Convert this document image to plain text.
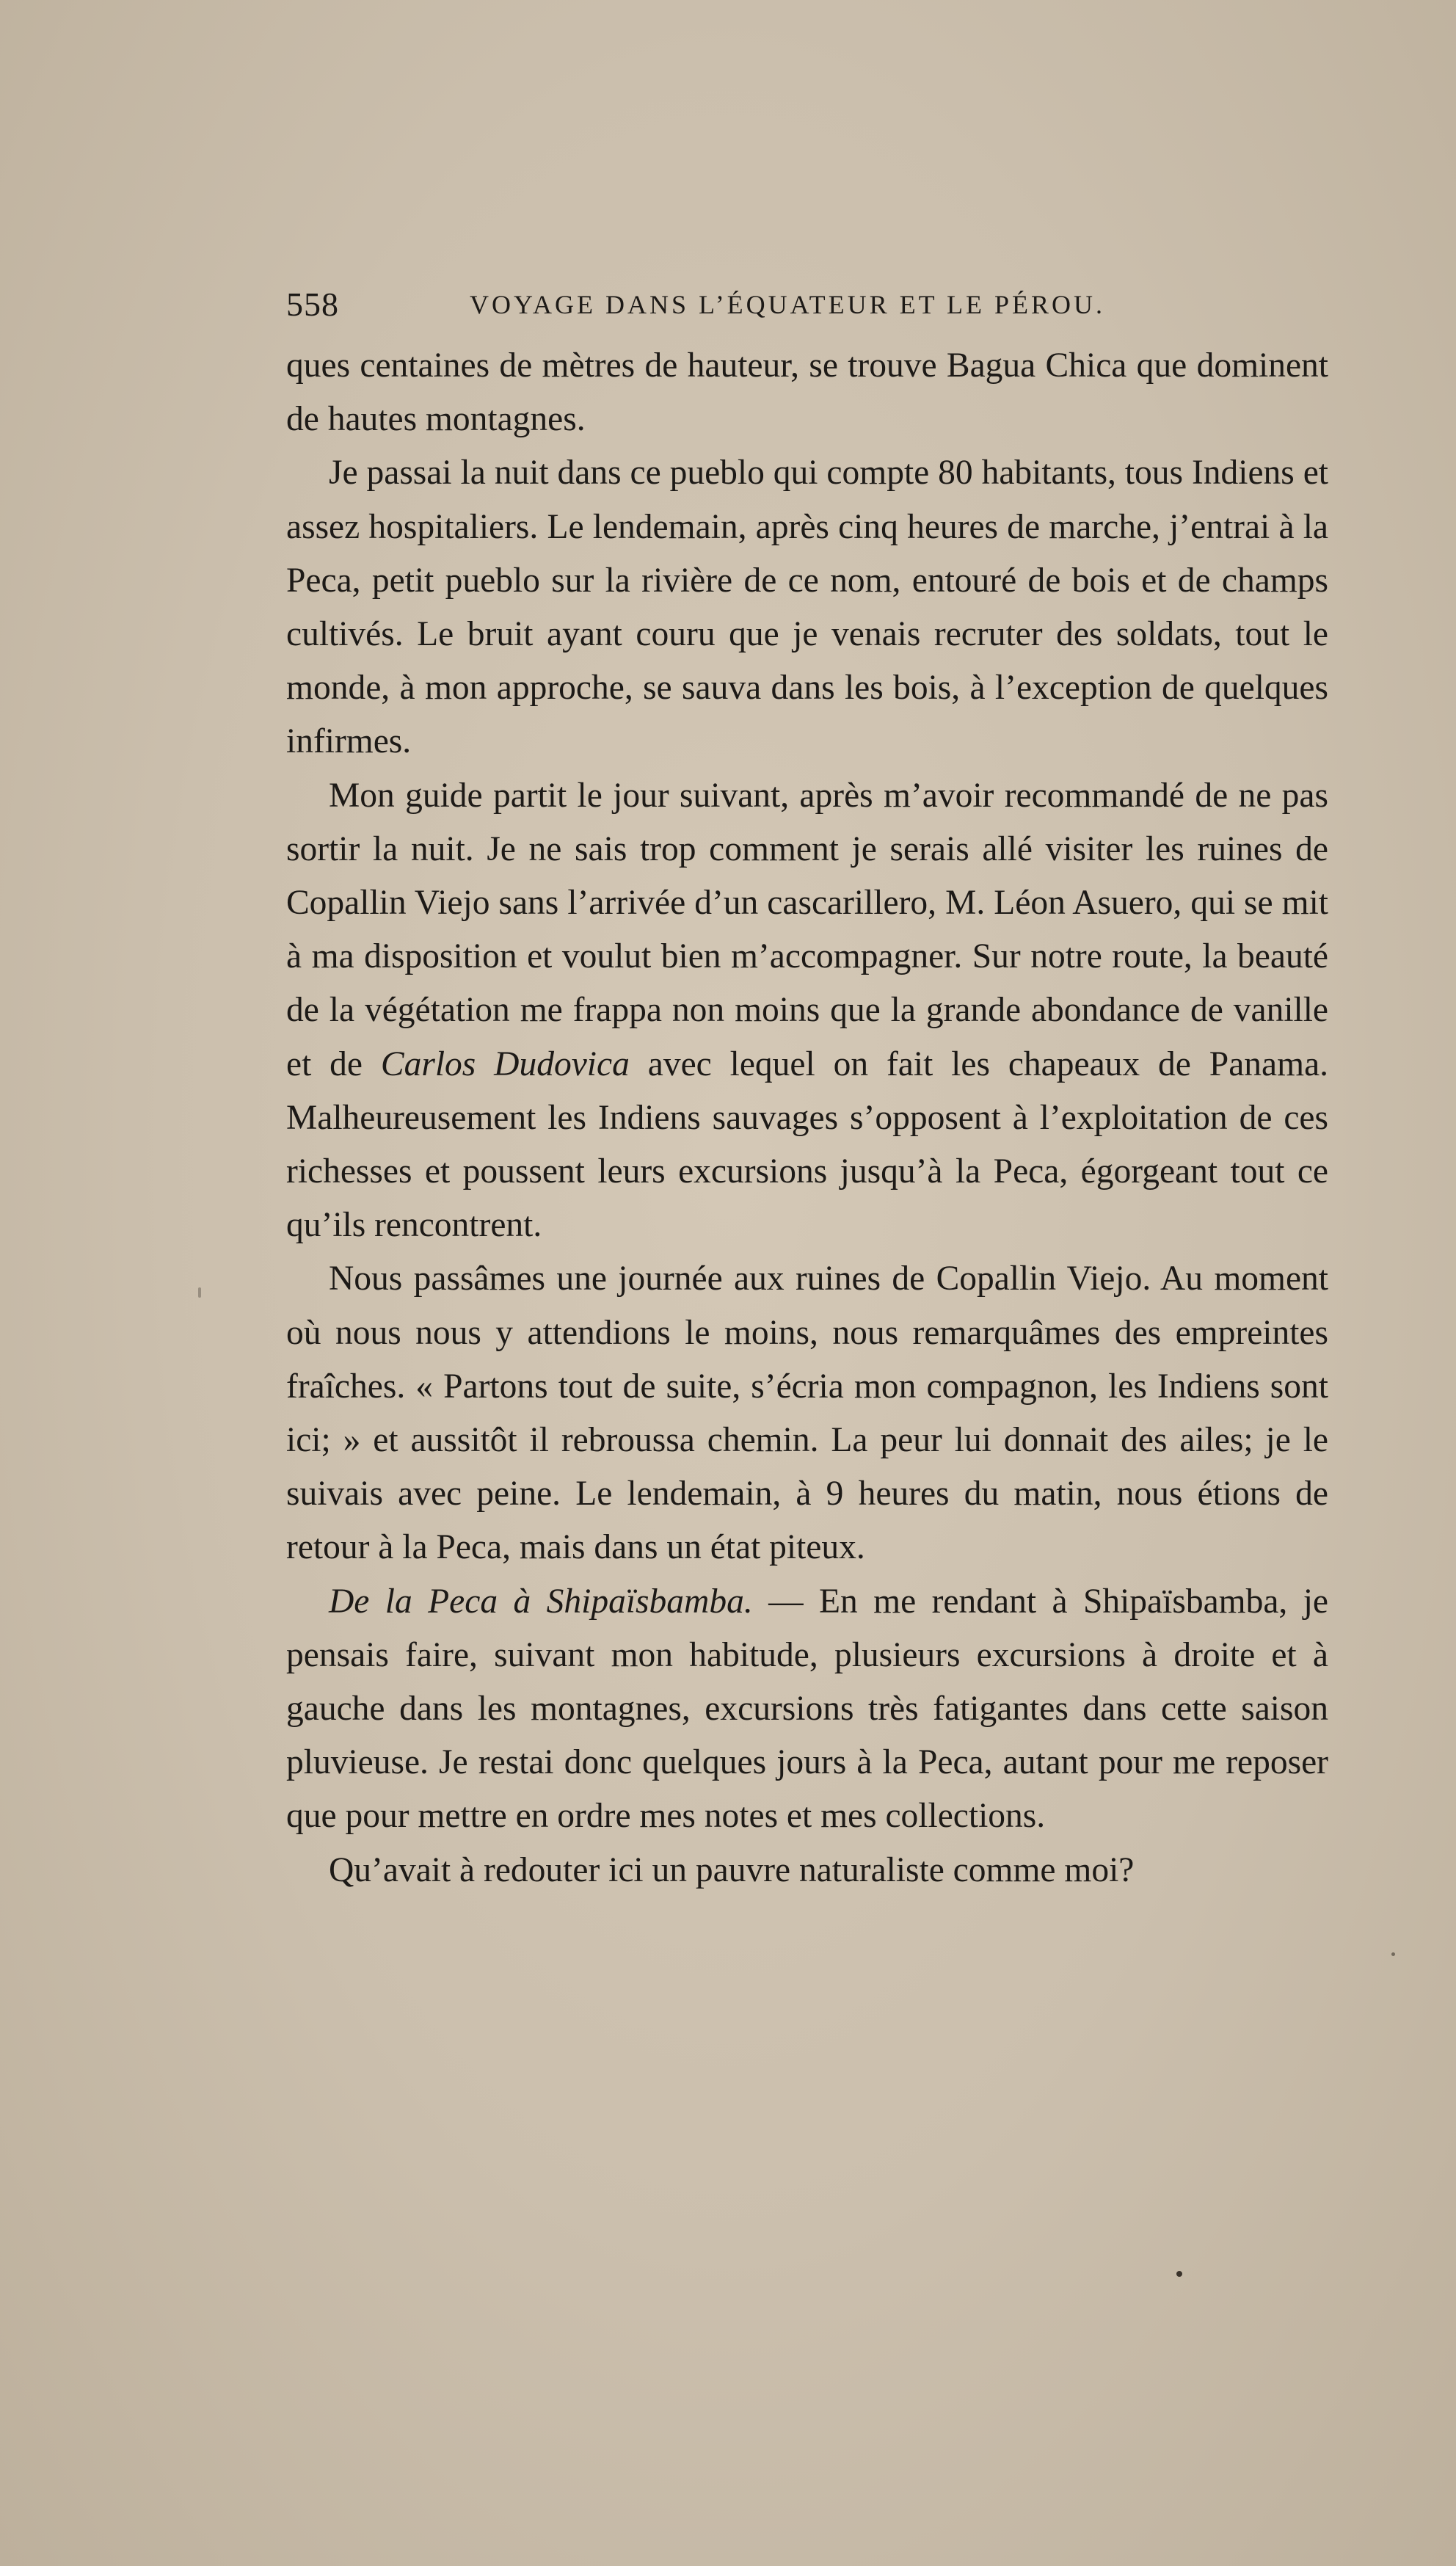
558	VOYAGE DANS L’ÉQUATEUR ET LE PÉROU.

ques centaines de mètres de hauteur, se trouve Bagua Chica que dominent de hautes montagnes.

Je passai la nuit dans ce pueblo qui compte 80 habitants, tous Indiens et assez hospitaliers. Le lendemain, après cinq heures de marche, j’entrai à la Peca, petit pueblo sur la rivière de ce nom, entouré de bois et de champs cultivés. Le bruit ayant couru que je venais recruter des soldats, tout le monde, à mon approche, se sauva dans les bois, à l’exception de quelques infirmes.

Mon guide partit le jour suivant, après m’avoir recommandé de ne pas sortir la nuit. Je ne sais trop comment je serais allé visiter les ruines de Copallin Viejo sans l’arrivée d’un cascarillero, M. Léon Asuero, qui se mit à ma disposition et voulut bien m’accompagner. Sur notre route, la beauté de la végétation me frappa non moins que la grande abondance de vanille et de Carlos Dudovica avec lequel on fait les chapeaux de Panama. Malheureusement les Indiens sauvages s’opposent à l’exploitation de ces richesses et poussent leurs excursions jusqu’à la Peca, égorgeant tout ce qu’ils rencontrent.

Nous passâmes une journée aux ruines de Copallin Viejo. Au moment où nous nous y attendions le moins, nous remarquâmes des empreintes fraîches. « Partons tout de suite, s’écria mon compagnon, les Indiens sont ici; » et aussitôt il rebroussa chemin. La peur lui donnait des ailes; je le suivais avec peine. Le lendemain, à 9 heures du matin, nous étions de retour à la Peca, mais dans un état piteux.

De la Peca à Shipaïsbamba. — En me rendant à Shipaïsbamba, je pensais faire, suivant mon habitude, plusieurs excursions à droite et à gauche dans les montagnes, excursions très fatigantes dans cette saison pluvieuse. Je restai donc quelques jours à la Peca, autant pour me reposer que pour mettre en ordre mes notes et mes collections.

Qu’avait à redouter ici un pauvre naturaliste comme moi?
